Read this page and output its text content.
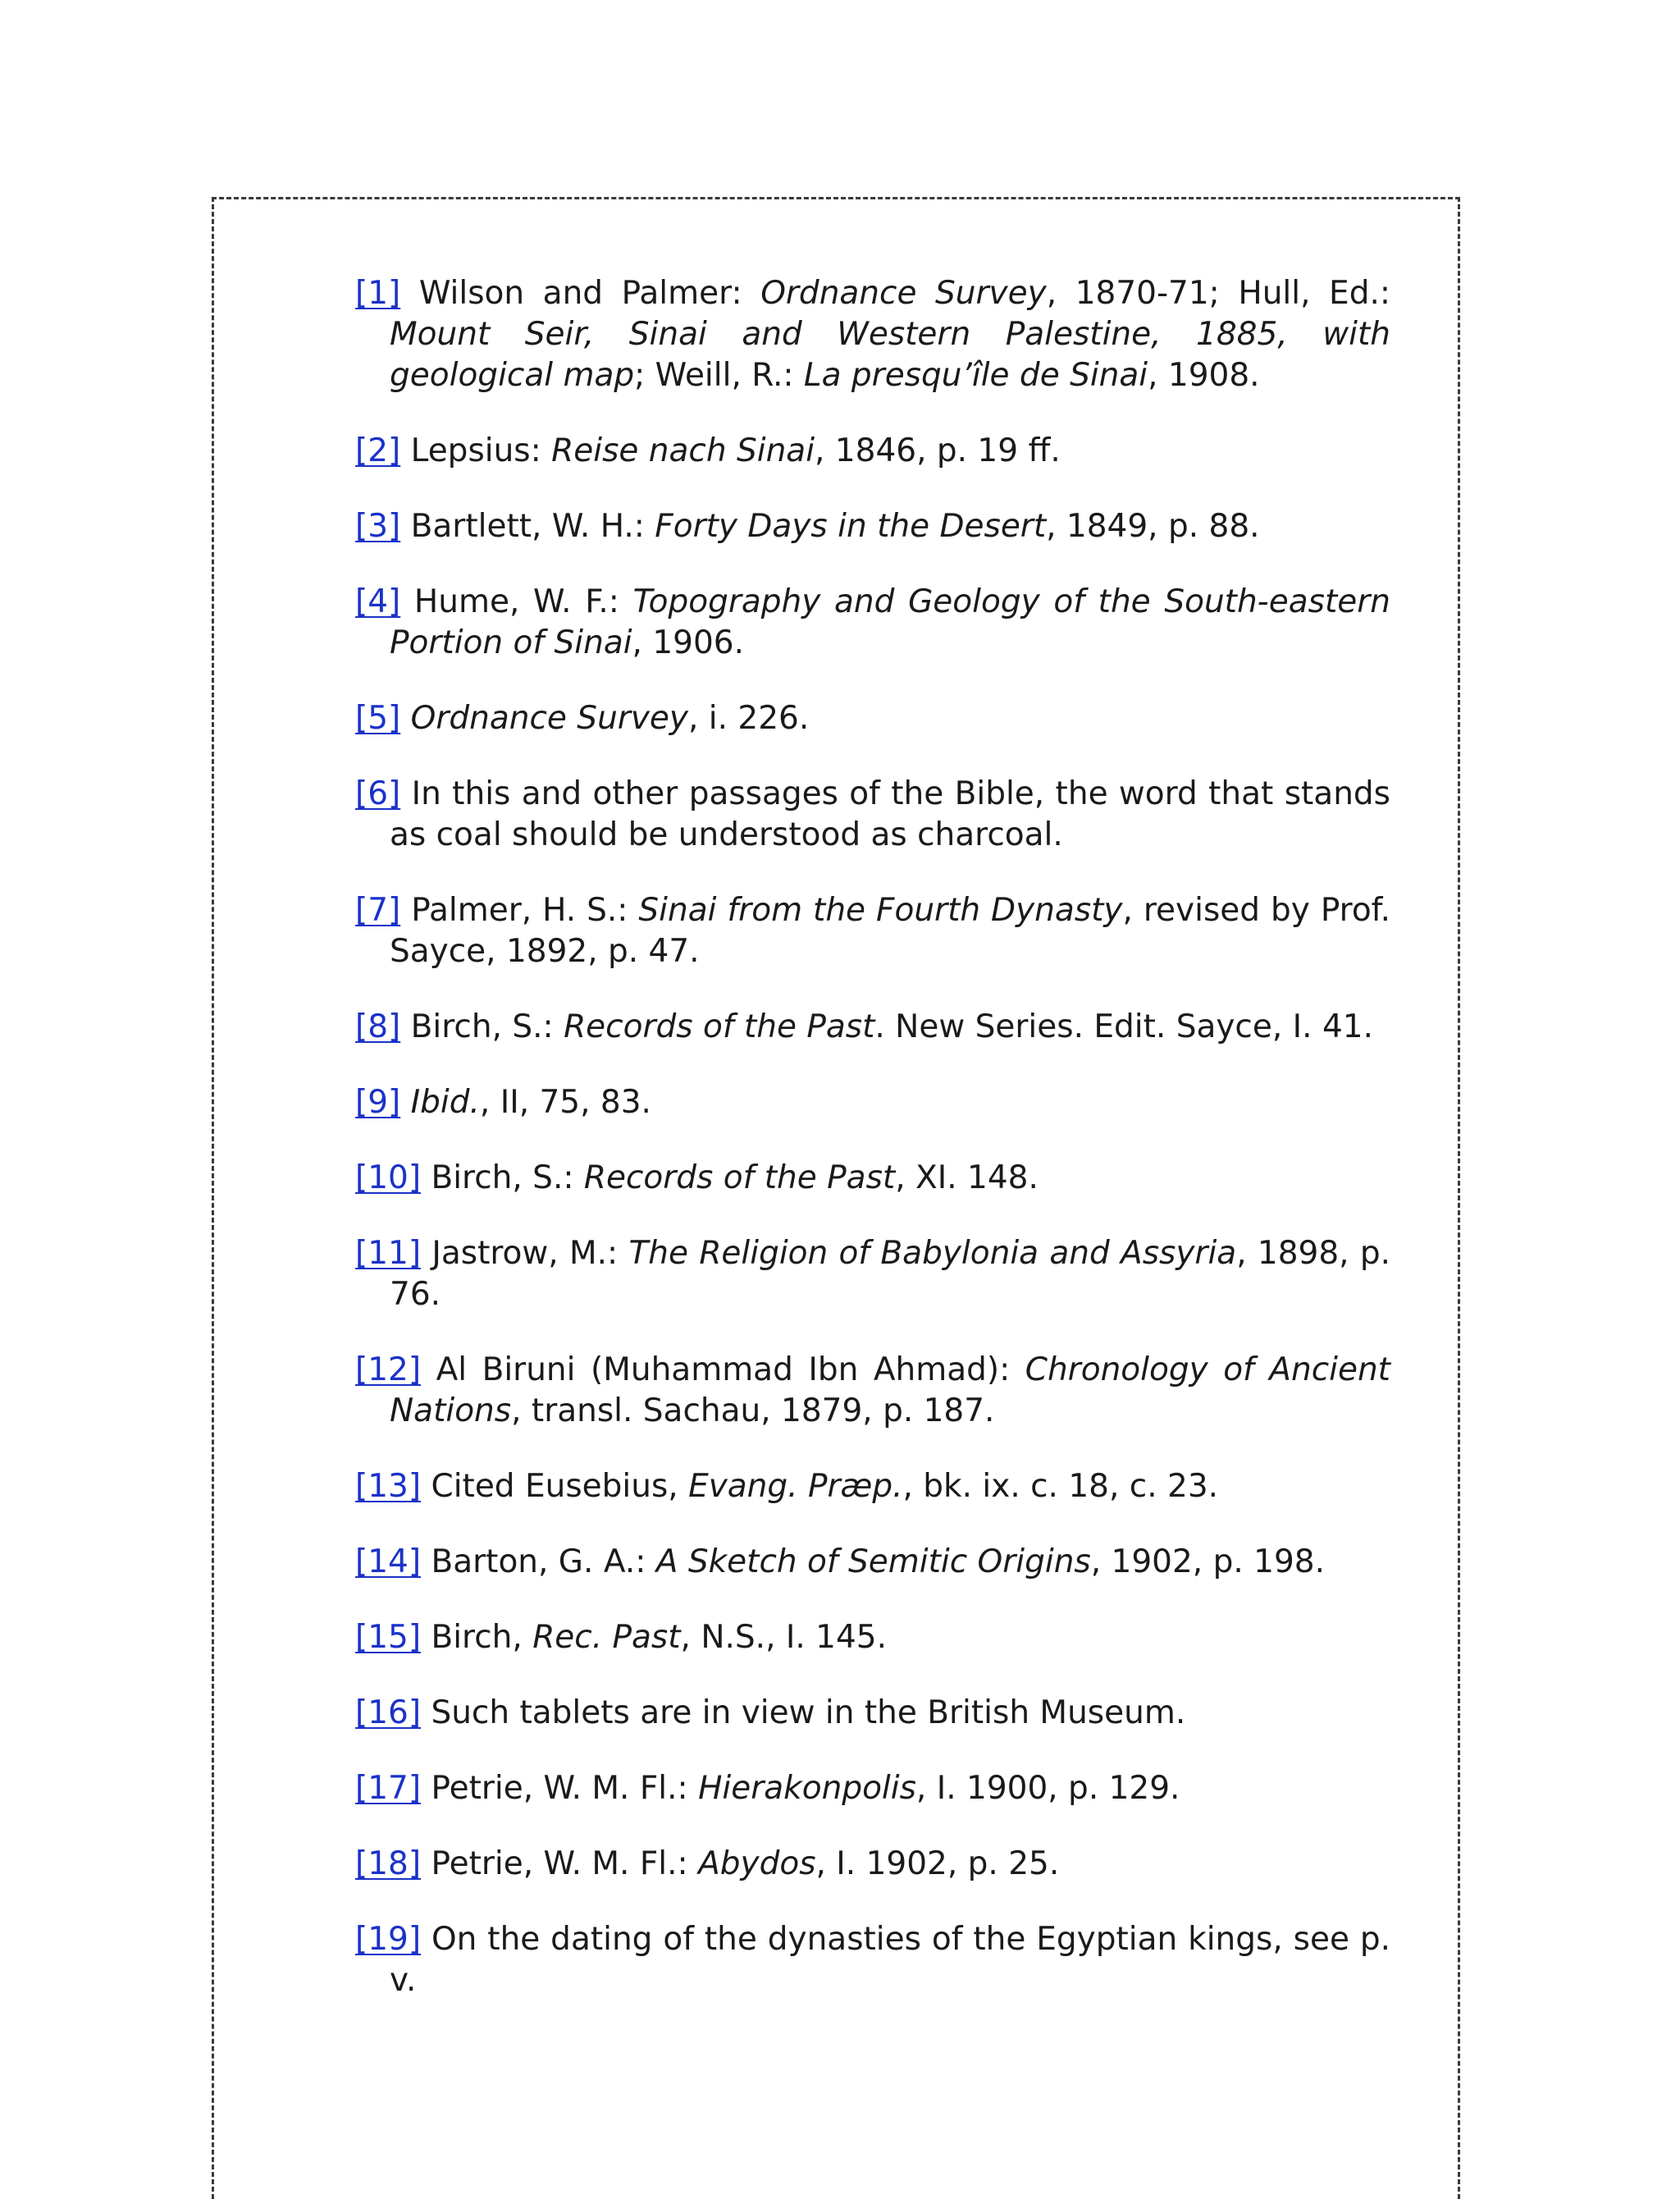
[1] Wilson and Palmer: Ordnance Survey, 1870-71; Hull, Ed.: Mount Seir, Sinai and Western Palestine, 1885, with geological map; Weill, R.: La presqu’île de Sinai, 1908.

[2] Lepsius: Reise nach Sinai, 1846, p. 19 ff.

[3] Bartlett, W. H.: Forty Days in the Desert, 1849, p. 88.

[4] Hume, W. F.: Topography and Geology of the South-eastern Portion of Sinai, 1906.

[5] Ordnance Survey, i. 226.

[6] In this and other passages of the Bible, the word that stands as coal should be understood as charcoal.

[7] Palmer, H. S.: Sinai from the Fourth Dynasty, revised by Prof. Sayce, 1892, p. 47.

[8] Birch, S.: Records of the Past. New Series. Edit. Sayce, I. 41.

[9] Ibid., II, 75, 83.

[10] Birch, S.: Records of the Past, XI. 148.

[11] Jastrow, M.: The Religion of Babylonia and Assyria, 1898, p. 76.

[12] Al Biruni (Muhammad Ibn Ahmad): Chronology of Ancient Nations, transl. Sachau, 1879, p. 187.

[13] Cited Eusebius, Evang. Præp., bk. ix. c. 18, c. 23.

[14] Barton, G. A.: A Sketch of Semitic Origins, 1902, p. 198.

[15] Birch, Rec. Past, N.S., I. 145.

[16] Such tablets are in view in the British Museum.

[17] Petrie, W. M. Fl.: Hierakonpolis, I. 1900, p. 129.

[18] Petrie, W. M. Fl.: Abydos, I. 1902, p. 25.

[19] On the dating of the dynasties of the Egyptian kings, see p. v.
